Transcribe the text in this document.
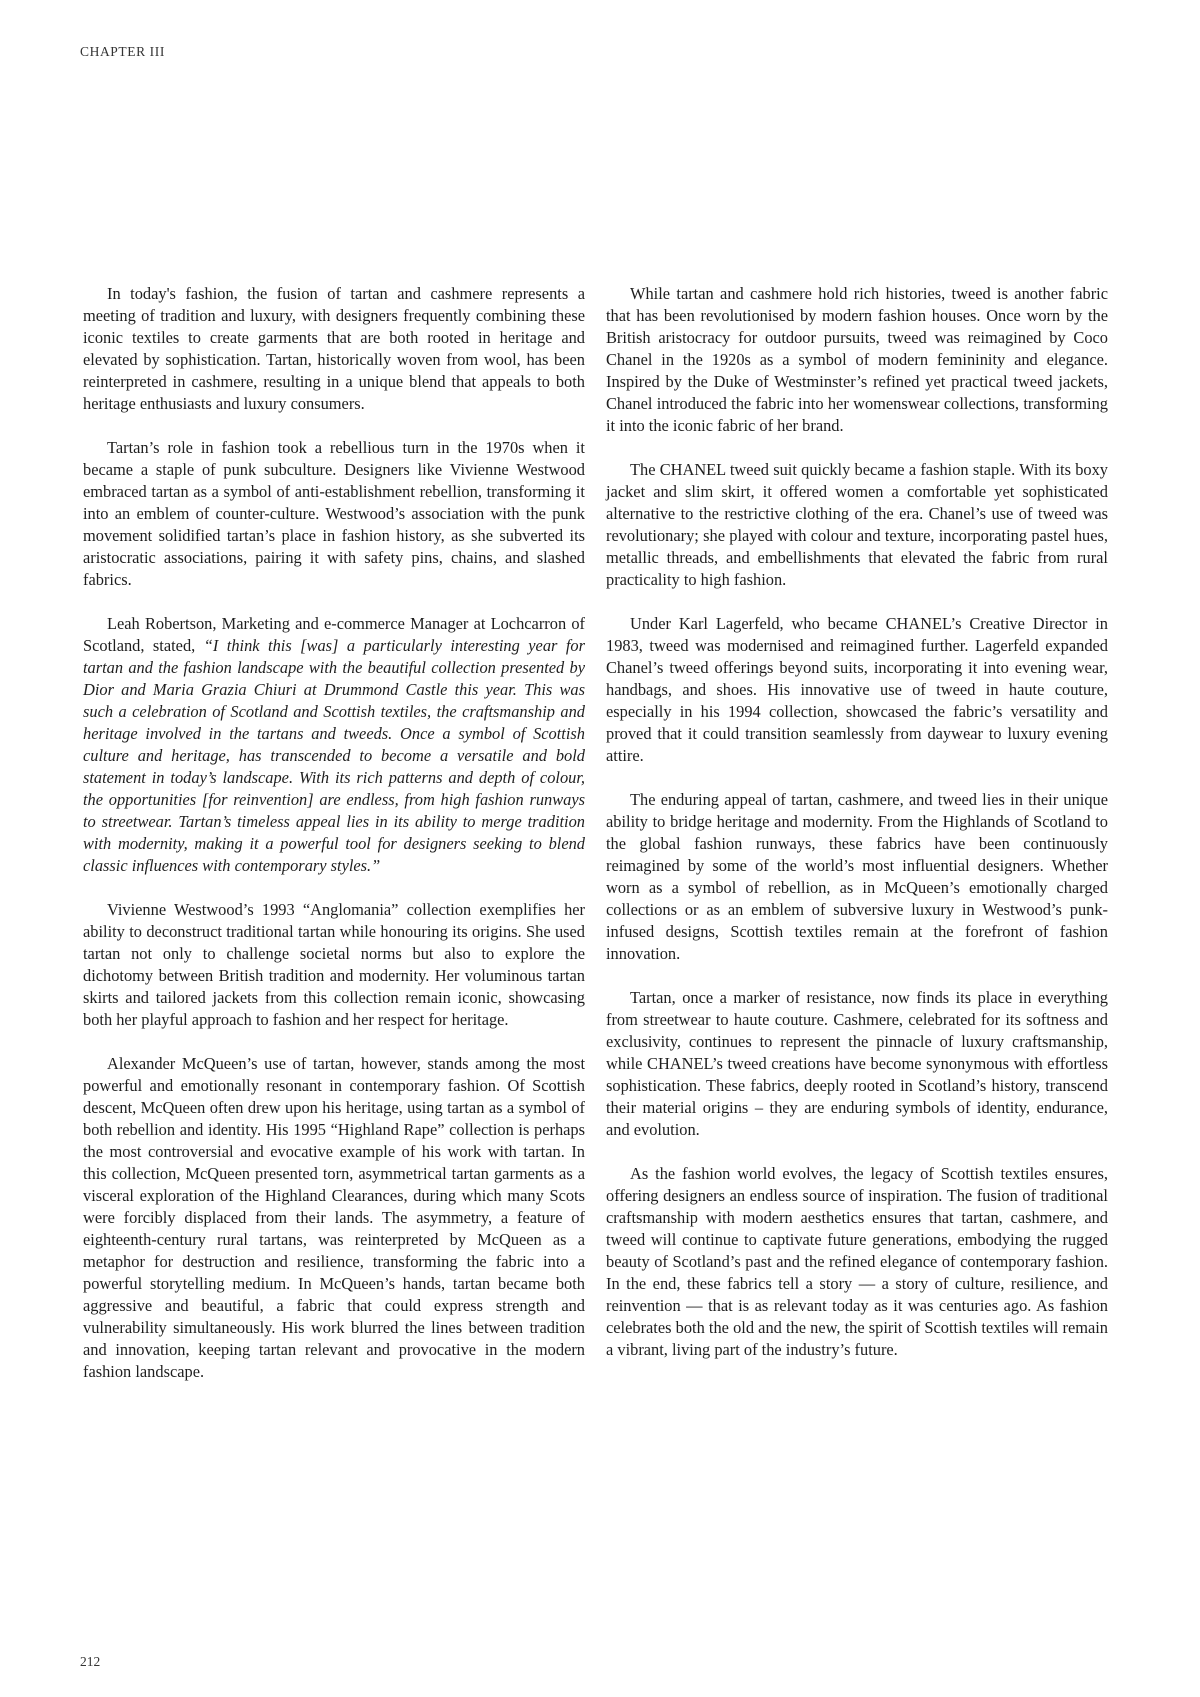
CHAPTER III

In today's fashion, the fusion of tartan and cashmere represents a meeting of tradition and luxury, with designers frequently combining these iconic textiles to create garments that are both rooted in heritage and elevated by sophistication. Tartan, historically woven from wool, has been reinterpreted in cashmere, resulting in a unique blend that appeals to both heritage enthusiasts and luxury consumers.

Tartan’s role in fashion took a rebellious turn in the 1970s when it became a staple of punk subculture. Designers like Vivienne Westwood embraced tartan as a symbol of anti-establishment rebellion, transforming it into an emblem of counter-culture. Westwood’s association with the punk movement solidified tartan’s place in fashion history, as she subverted its aristocratic associations, pairing it with safety pins, chains, and slashed fabrics.

Leah Robertson, Marketing and e-commerce Manager at Lochcarron of Scotland, stated, “I think this [was] a particularly interesting year for tartan and the fashion landscape with the beautiful collection presented by Dior and Maria Grazia Chiuri at Drummond Castle this year. This was such a celebration of Scotland and Scottish textiles, the craftsmanship and heritage involved in the tartans and tweeds. Once a symbol of Scottish culture and heritage, has transcended to become a versatile and bold statement in today’s landscape. With its rich patterns and depth of colour, the opportunities [for reinvention] are endless, from high fashion runways to streetwear. Tartan’s timeless appeal lies in its ability to merge tradition with modernity, making it a powerful tool for designers seeking to blend classic influences with contemporary styles.”

Vivienne Westwood’s 1993 “Anglomania” collection exemplifies her ability to deconstruct traditional tartan while honouring its origins. She used tartan not only to challenge societal norms but also to explore the dichotomy between British tradition and modernity. Her voluminous tartan skirts and tailored jackets from this collection remain iconic, showcasing both her playful approach to fashion and her respect for heritage.

Alexander McQueen’s use of tartan, however, stands among the most powerful and emotionally resonant in contemporary fashion. Of Scottish descent, McQueen often drew upon his heritage, using tartan as a symbol of both rebellion and identity. His 1995 “Highland Rape” collection is perhaps the most controversial and evocative example of his work with tartan. In this collection, McQueen presented torn, asymmetrical tartan garments as a visceral exploration of the Highland Clearances, during which many Scots were forcibly displaced from their lands. The asymmetry, a feature of eighteenth-century rural tartans, was reinterpreted by McQueen as a metaphor for destruction and resilience, transforming the fabric into a powerful storytelling medium. In McQueen’s hands, tartan became both aggressive and beautiful, a fabric that could express strength and vulnerability simultaneously. His work blurred the lines between tradition and innovation, keeping tartan relevant and provocative in the modern fashion landscape.

While tartan and cashmere hold rich histories, tweed is another fabric that has been revolutionised by modern fashion houses. Once worn by the British aristocracy for outdoor pursuits, tweed was reimagined by Coco Chanel in the 1920s as a symbol of modern femininity and elegance. Inspired by the Duke of Westminster’s refined yet practical tweed jackets, Chanel introduced the fabric into her womenswear collections, transforming it into the iconic fabric of her brand.

The CHANEL tweed suit quickly became a fashion staple. With its boxy jacket and slim skirt, it offered women a comfortable yet sophisticated alternative to the restrictive clothing of the era. Chanel’s use of tweed was revolutionary; she played with colour and texture, incorporating pastel hues, metallic threads, and embellishments that elevated the fabric from rural practicality to high fashion.

Under Karl Lagerfeld, who became CHANEL’s Creative Director in 1983, tweed was modernised and reimagined further. Lagerfeld expanded Chanel’s tweed offerings beyond suits, incorporating it into evening wear, handbags, and shoes. His innovative use of tweed in haute couture, especially in his 1994 collection, showcased the fabric’s versatility and proved that it could transition seamlessly from daywear to luxury evening attire.

The enduring appeal of tartan, cashmere, and tweed lies in their unique ability to bridge heritage and modernity. From the Highlands of Scotland to the global fashion runways, these fabrics have been continuously reimagined by some of the world’s most influential designers. Whether worn as a symbol of rebellion, as in McQueen’s emotionally charged collections or as an emblem of subversive luxury in Westwood’s punk-infused designs, Scottish textiles remain at the forefront of fashion innovation.

Tartan, once a marker of resistance, now finds its place in everything from streetwear to haute couture. Cashmere, celebrated for its softness and exclusivity, continues to represent the pinnacle of luxury craftsmanship, while CHANEL’s tweed creations have become synonymous with effortless sophistication. These fabrics, deeply rooted in Scotland’s history, transcend their material origins – they are enduring symbols of identity, endurance, and evolution.

As the fashion world evolves, the legacy of Scottish textiles ensures, offering designers an endless source of inspiration. The fusion of traditional craftsmanship with modern aesthetics ensures that tartan, cashmere, and tweed will continue to captivate future generations, embodying the rugged beauty of Scotland’s past and the refined elegance of contemporary fashion. In the end, these fabrics tell a story — a story of culture, resilience, and reinvention — that is as relevant today as it was centuries ago. As fashion celebrates both the old and the new, the spirit of Scottish textiles will remain a vibrant, living part of the industry’s future.

212
